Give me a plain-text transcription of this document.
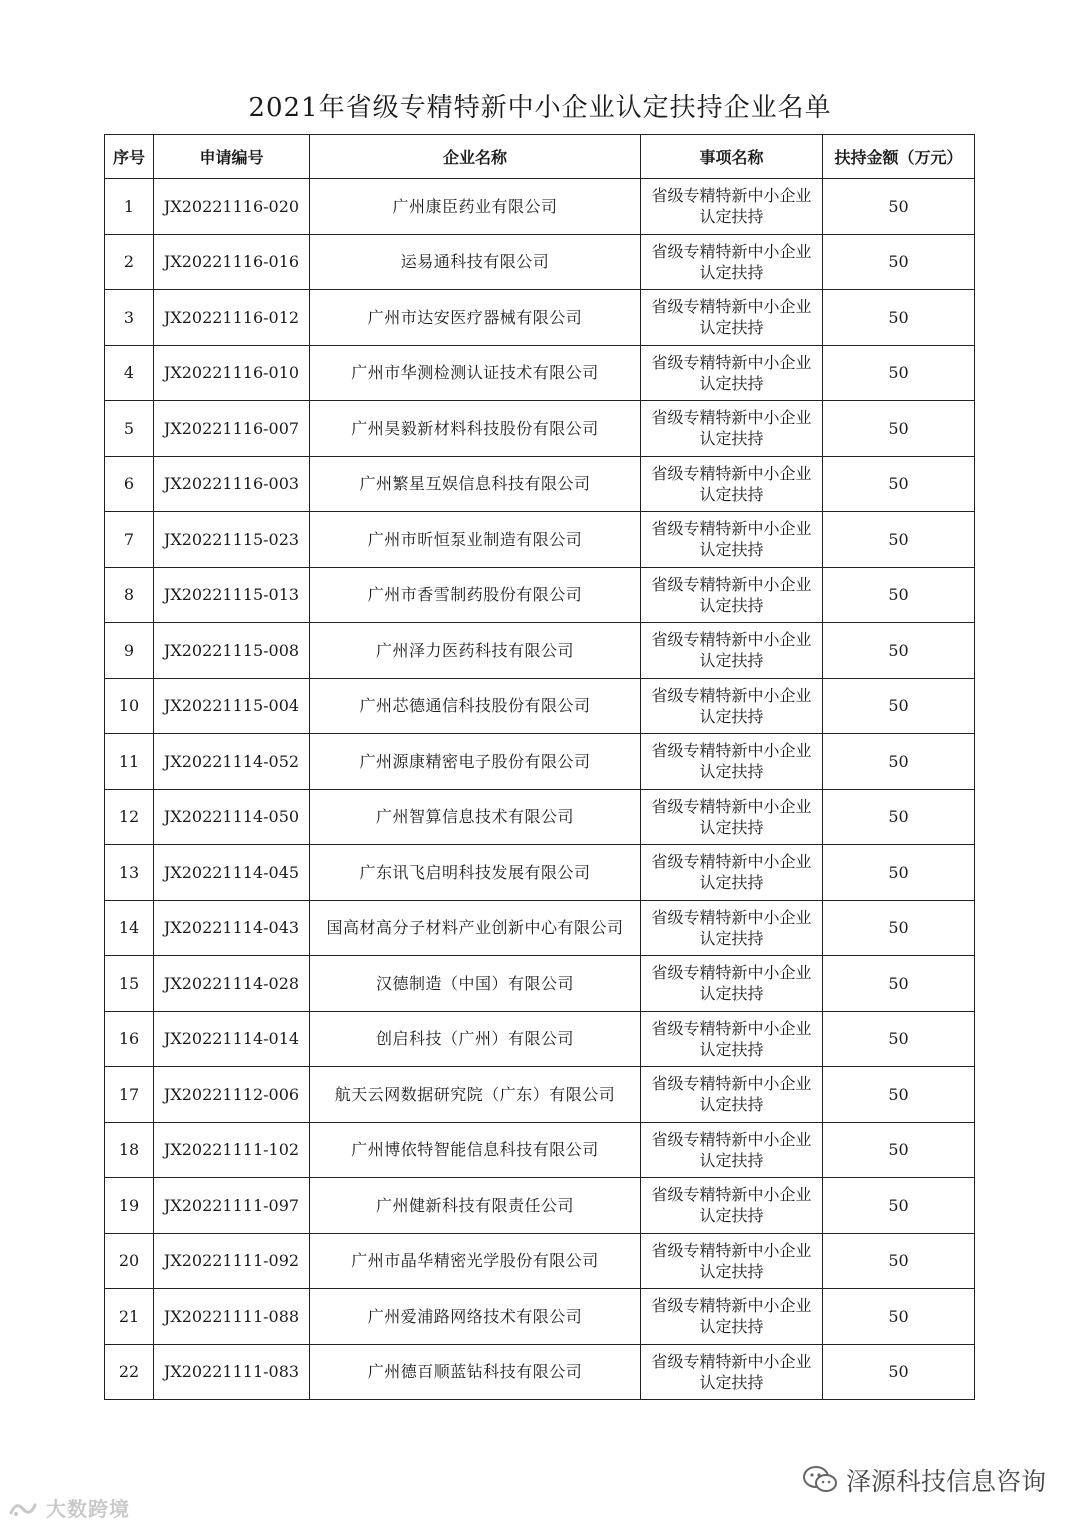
2021年省级专精特新中小企业认定扶持企业名单
序号	申请编号	企业名称	事项名称	扶持金额（万元）
1	JX20221116-020	广州康臣药业有限公司	省级专精特新中小企业认定扶持	50
2	JX20221116-016	运易通科技有限公司	省级专精特新中小企业认定扶持	50
3	JX20221116-012	广州市达安医疗器械有限公司	省级专精特新中小企业认定扶持	50
4	JX20221116-010	广州市华测检测认证技术有限公司	省级专精特新中小企业认定扶持	50
5	JX20221116-007	广州昊毅新材料科技股份有限公司	省级专精特新中小企业认定扶持	50
6	JX20221116-003	广州繁星互娱信息科技有限公司	省级专精特新中小企业认定扶持	50
7	JX20221115-023	广州市昕恒泵业制造有限公司	省级专精特新中小企业认定扶持	50
8	JX20221115-013	广州市香雪制药股份有限公司	省级专精特新中小企业认定扶持	50
9	JX20221115-008	广州泽力医药科技有限公司	省级专精特新中小企业认定扶持	50
10	JX20221115-004	广州芯德通信科技股份有限公司	省级专精特新中小企业认定扶持	50
11	JX20221114-052	广州源康精密电子股份有限公司	省级专精特新中小企业认定扶持	50
12	JX20221114-050	广州智算信息技术有限公司	省级专精特新中小企业认定扶持	50
13	JX20221114-045	广东讯飞启明科技发展有限公司	省级专精特新中小企业认定扶持	50
14	JX20221114-043	国高材高分子材料产业创新中心有限公司	省级专精特新中小企业认定扶持	50
15	JX20221114-028	汉德制造（中国）有限公司	省级专精特新中小企业认定扶持	50
16	JX20221114-014	创启科技（广州）有限公司	省级专精特新中小企业认定扶持	50
17	JX20221112-006	航天云网数据研究院（广东）有限公司	省级专精特新中小企业认定扶持	50
18	JX20221111-102	广州博依特智能信息科技有限公司	省级专精特新中小企业认定扶持	50
19	JX20221111-097	广州健新科技有限责任公司	省级专精特新中小企业认定扶持	50
20	JX20221111-092	广州市晶华精密光学股份有限公司	省级专精特新中小企业认定扶持	50
21	JX20221111-088	广州爱浦路网络技术有限公司	省级专精特新中小企业认定扶持	50
22	JX20221111-083	广州德百顺蓝钻科技有限公司	省级专精特新中小企业认定扶持	50
大数跨境
泽源科技信息咨询
